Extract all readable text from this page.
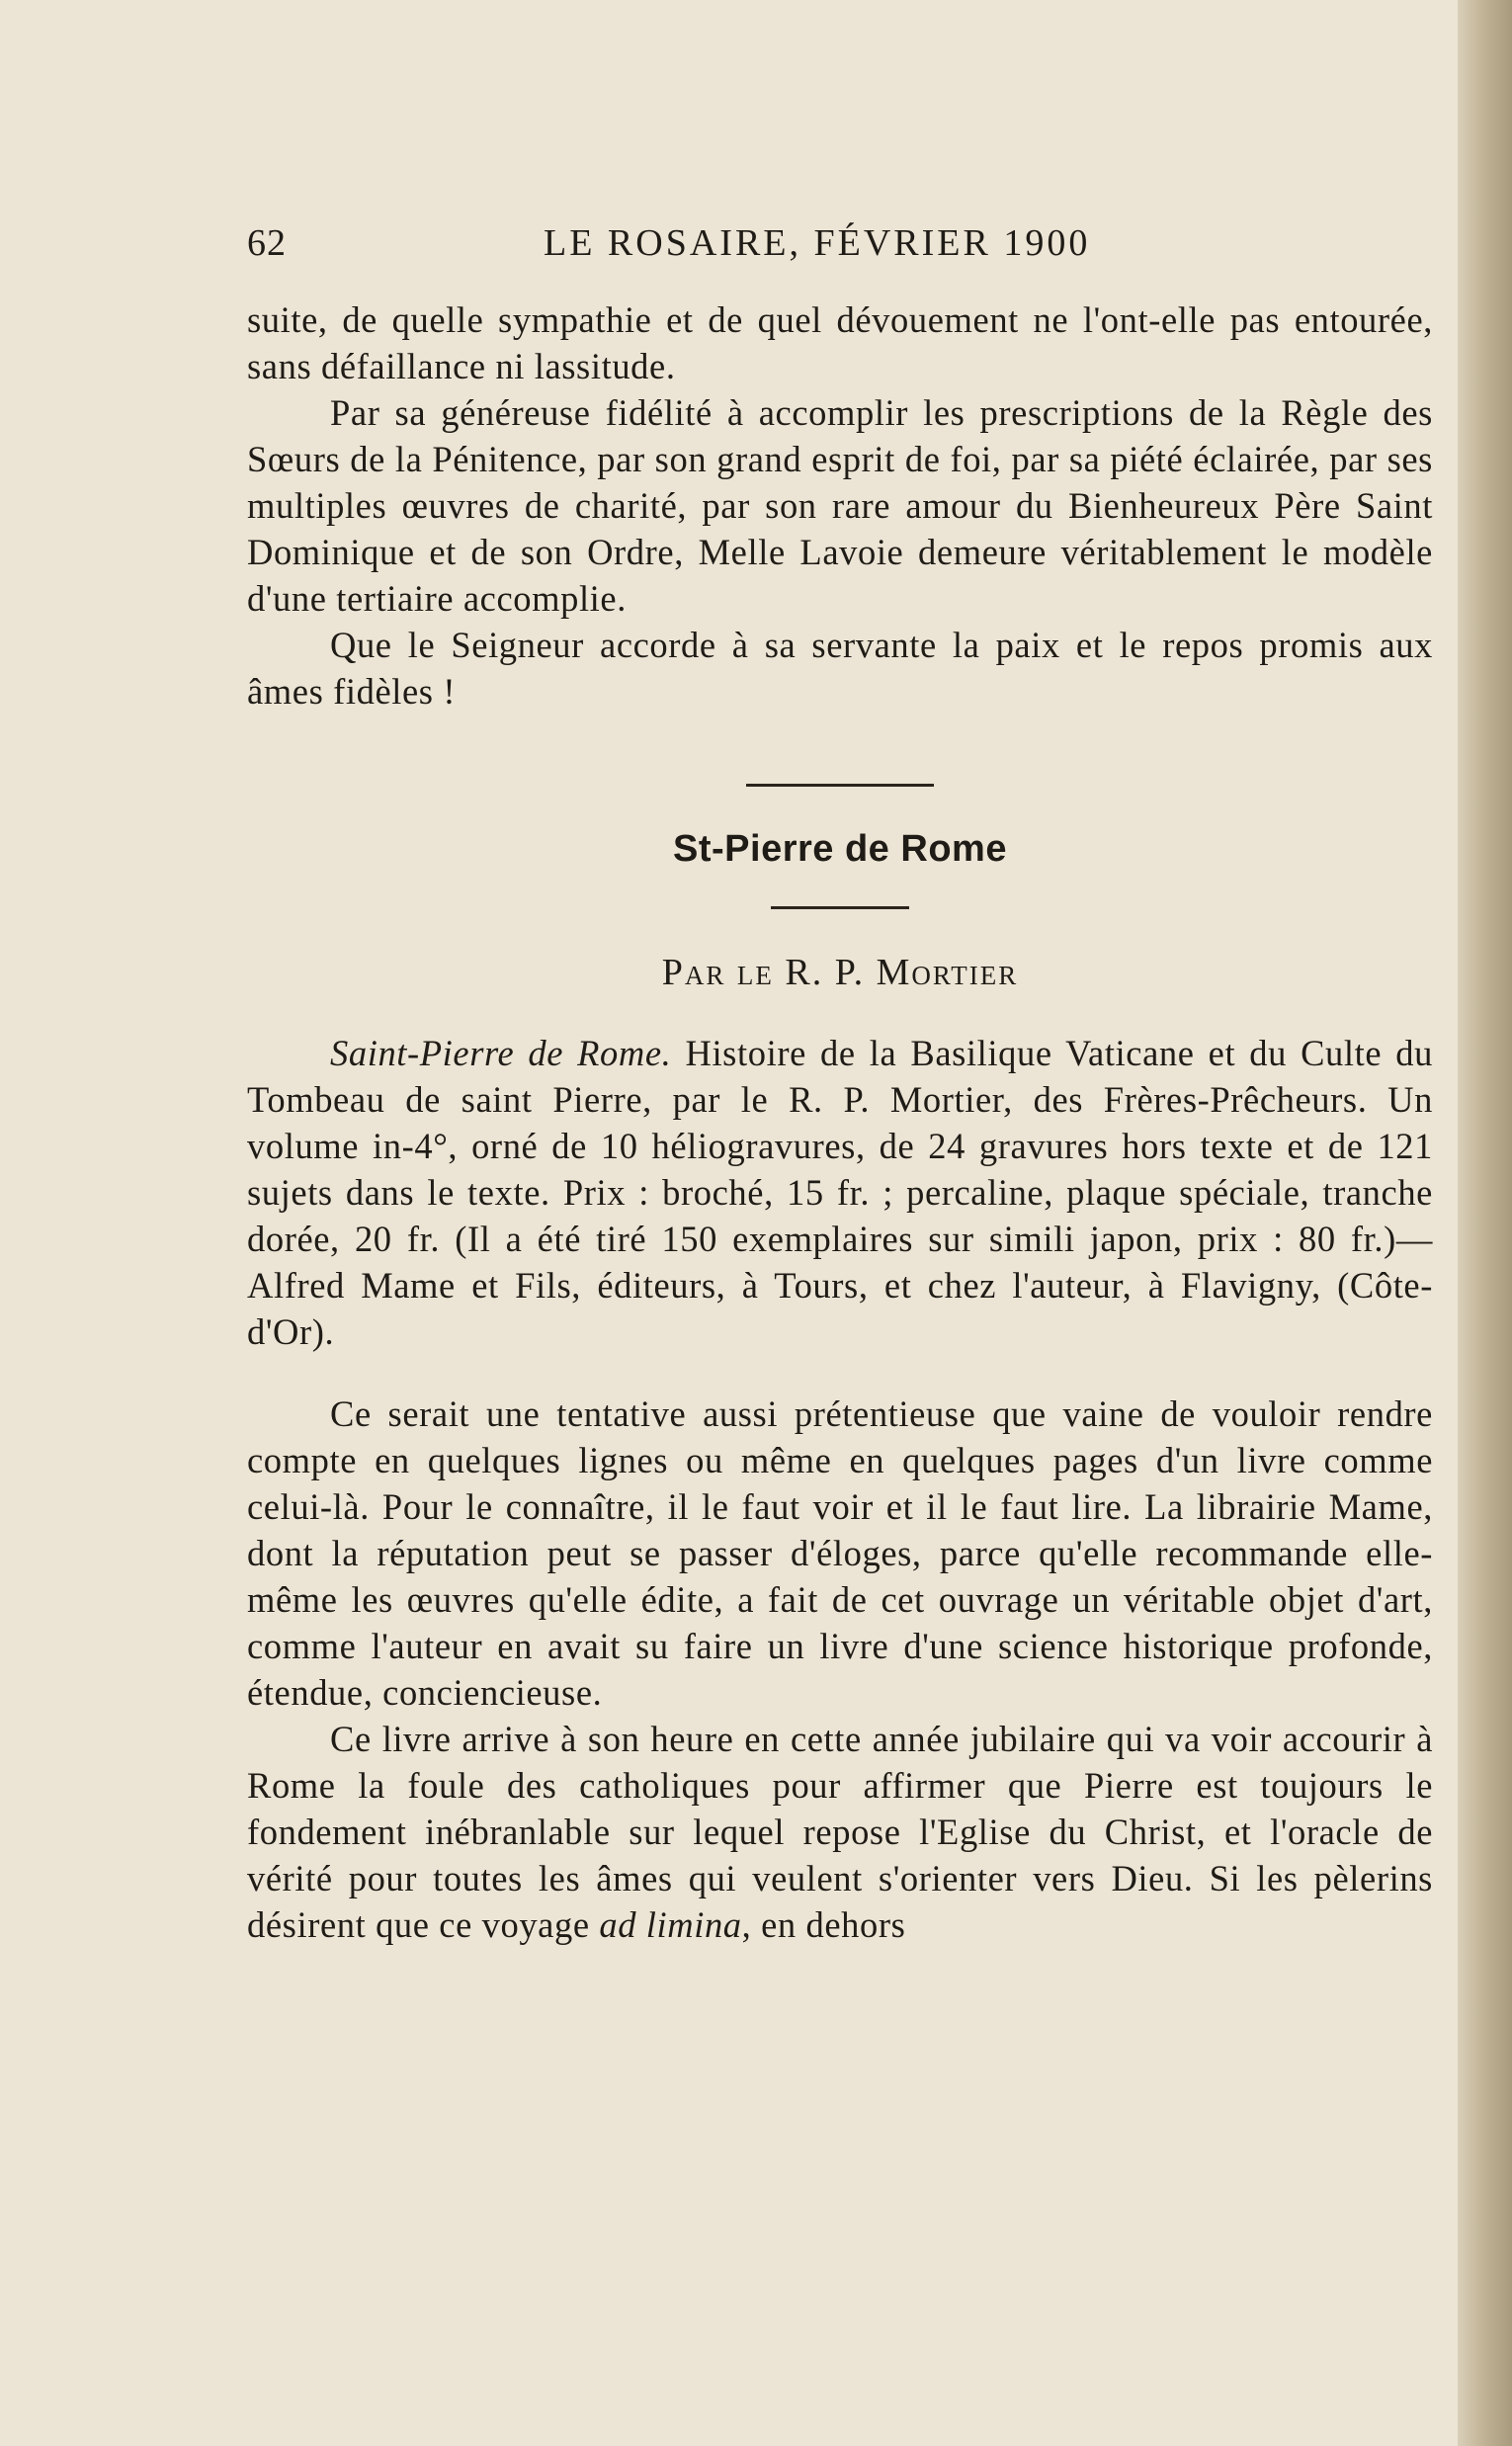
62	LE ROSAIRE, FÉVRIER 1900

suite, de quelle sympathie et de quel dévouement ne l'ont-elle pas entourée, sans défaillance ni lassitude.

Par sa généreuse fidélité à accomplir les prescriptions de la Règle des Sœurs de la Pénitence, par son grand esprit de foi, par sa piété éclairée, par ses multiples œuvres de charité, par son rare amour du Bienheureux Père Saint Dominique et de son Ordre, Melle Lavoie demeure véritablement le modèle d'une tertiaire accomplie.

Que le Seigneur accorde à sa servante la paix et le repos promis aux âmes fidèles !

St-Pierre de Rome
Par le R. P. Mortier

Saint-Pierre de Rome. Histoire de la Basilique Vaticane et du Culte du Tombeau de saint Pierre, par le R. P. Mortier, des Frères-Prêcheurs. Un volume in-4°, orné de 10 héliogravures, de 24 gravures hors texte et de 121 sujets dans le texte. Prix : broché, 15 fr. ; percaline, plaque spéciale, tranche dorée, 20 fr. (Il a été tiré 150 exemplaires sur simili japon, prix : 80 fr.)—Alfred Mame et Fils, éditeurs, à Tours, et chez l'auteur, à Flavigny, (Côte-d'Or).

Ce serait une tentative aussi prétentieuse que vaine de vouloir rendre compte en quelques lignes ou même en quelques pages d'un livre comme celui-là. Pour le connaître, il le faut voir et il le faut lire. La librairie Mame, dont la réputation peut se passer d'éloges, parce qu'elle recommande elle-même les œuvres qu'elle édite, a fait de cet ouvrage un véritable objet d'art, comme l'auteur en avait su faire un livre d'une science historique profonde, étendue, conciencieuse.

Ce livre arrive à son heure en cette année jubilaire qui va voir accourir à Rome la foule des catholiques pour affirmer que Pierre est toujours le fondement inébranlable sur lequel repose l'Eglise du Christ, et l'oracle de vérité pour toutes les âmes qui veulent s'orienter vers Dieu. Si les pèlerins désirent que ce voyage ad limina, en dehors
